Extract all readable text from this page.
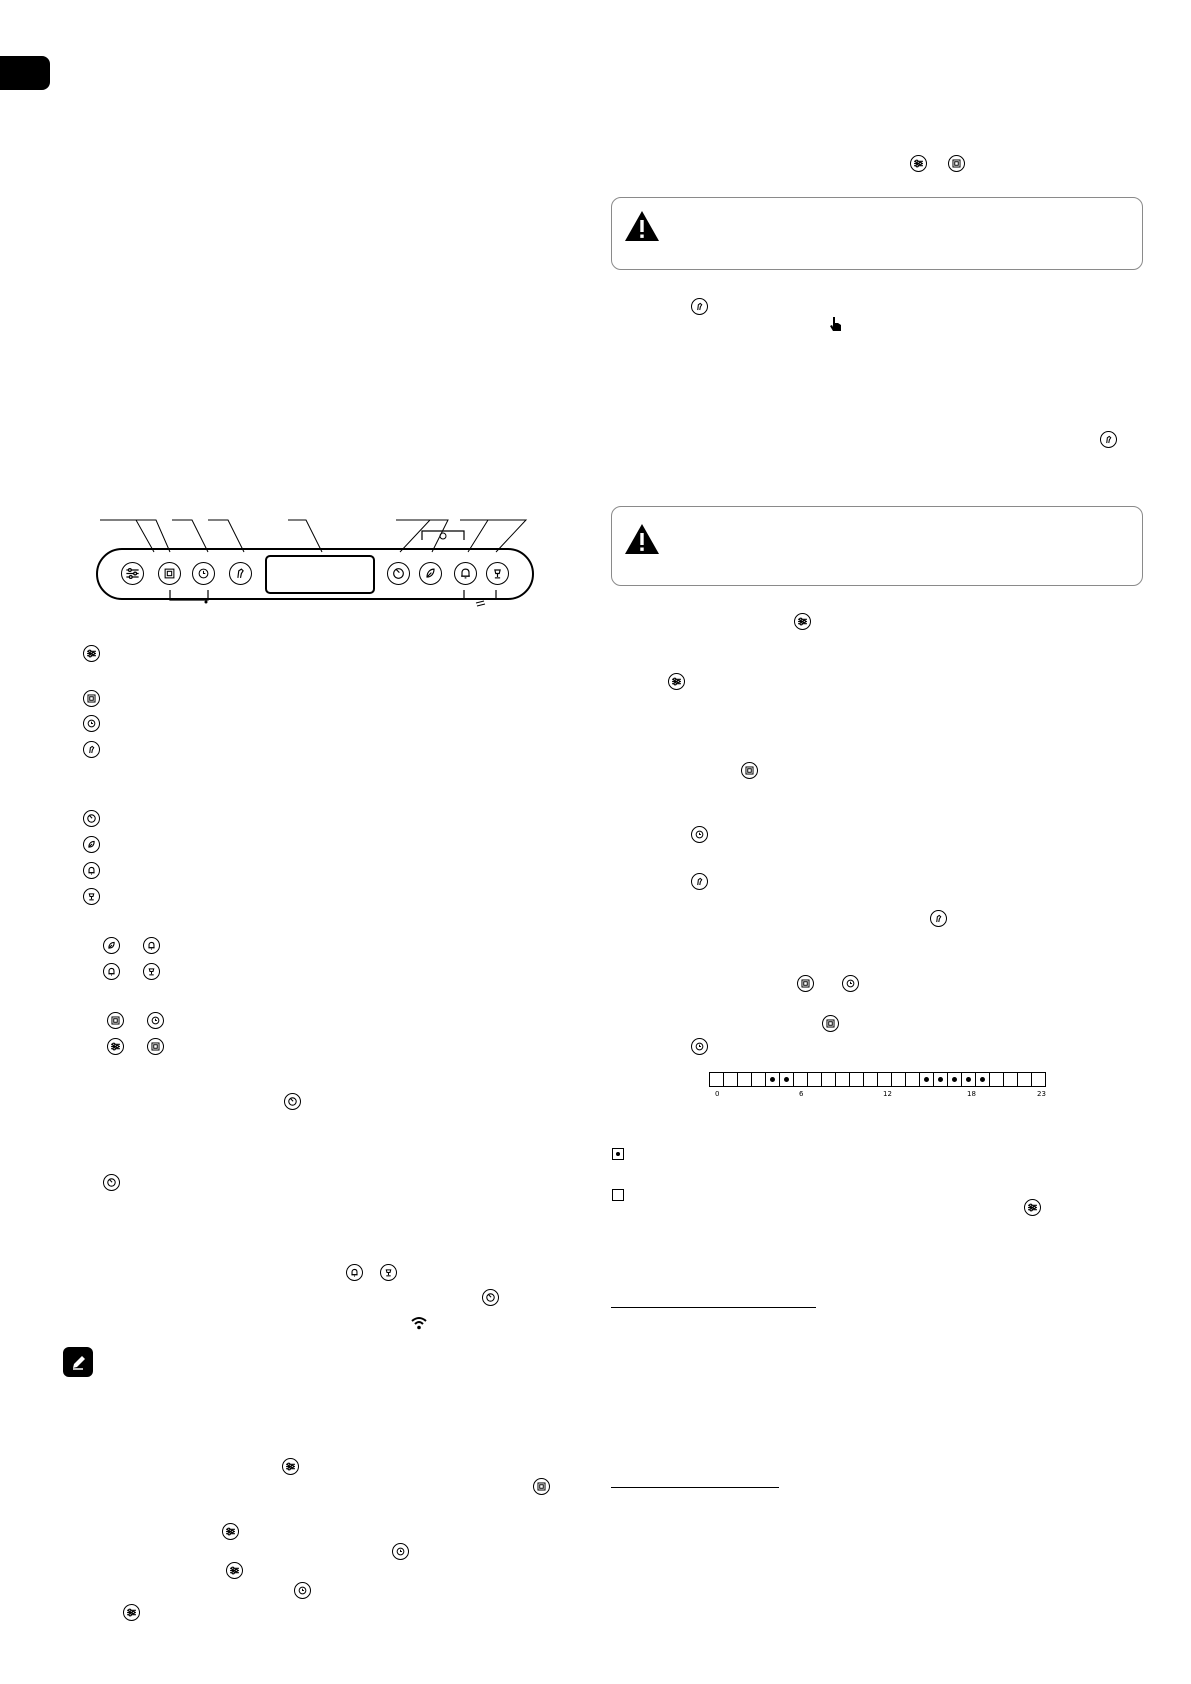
0	6	12	18	23
